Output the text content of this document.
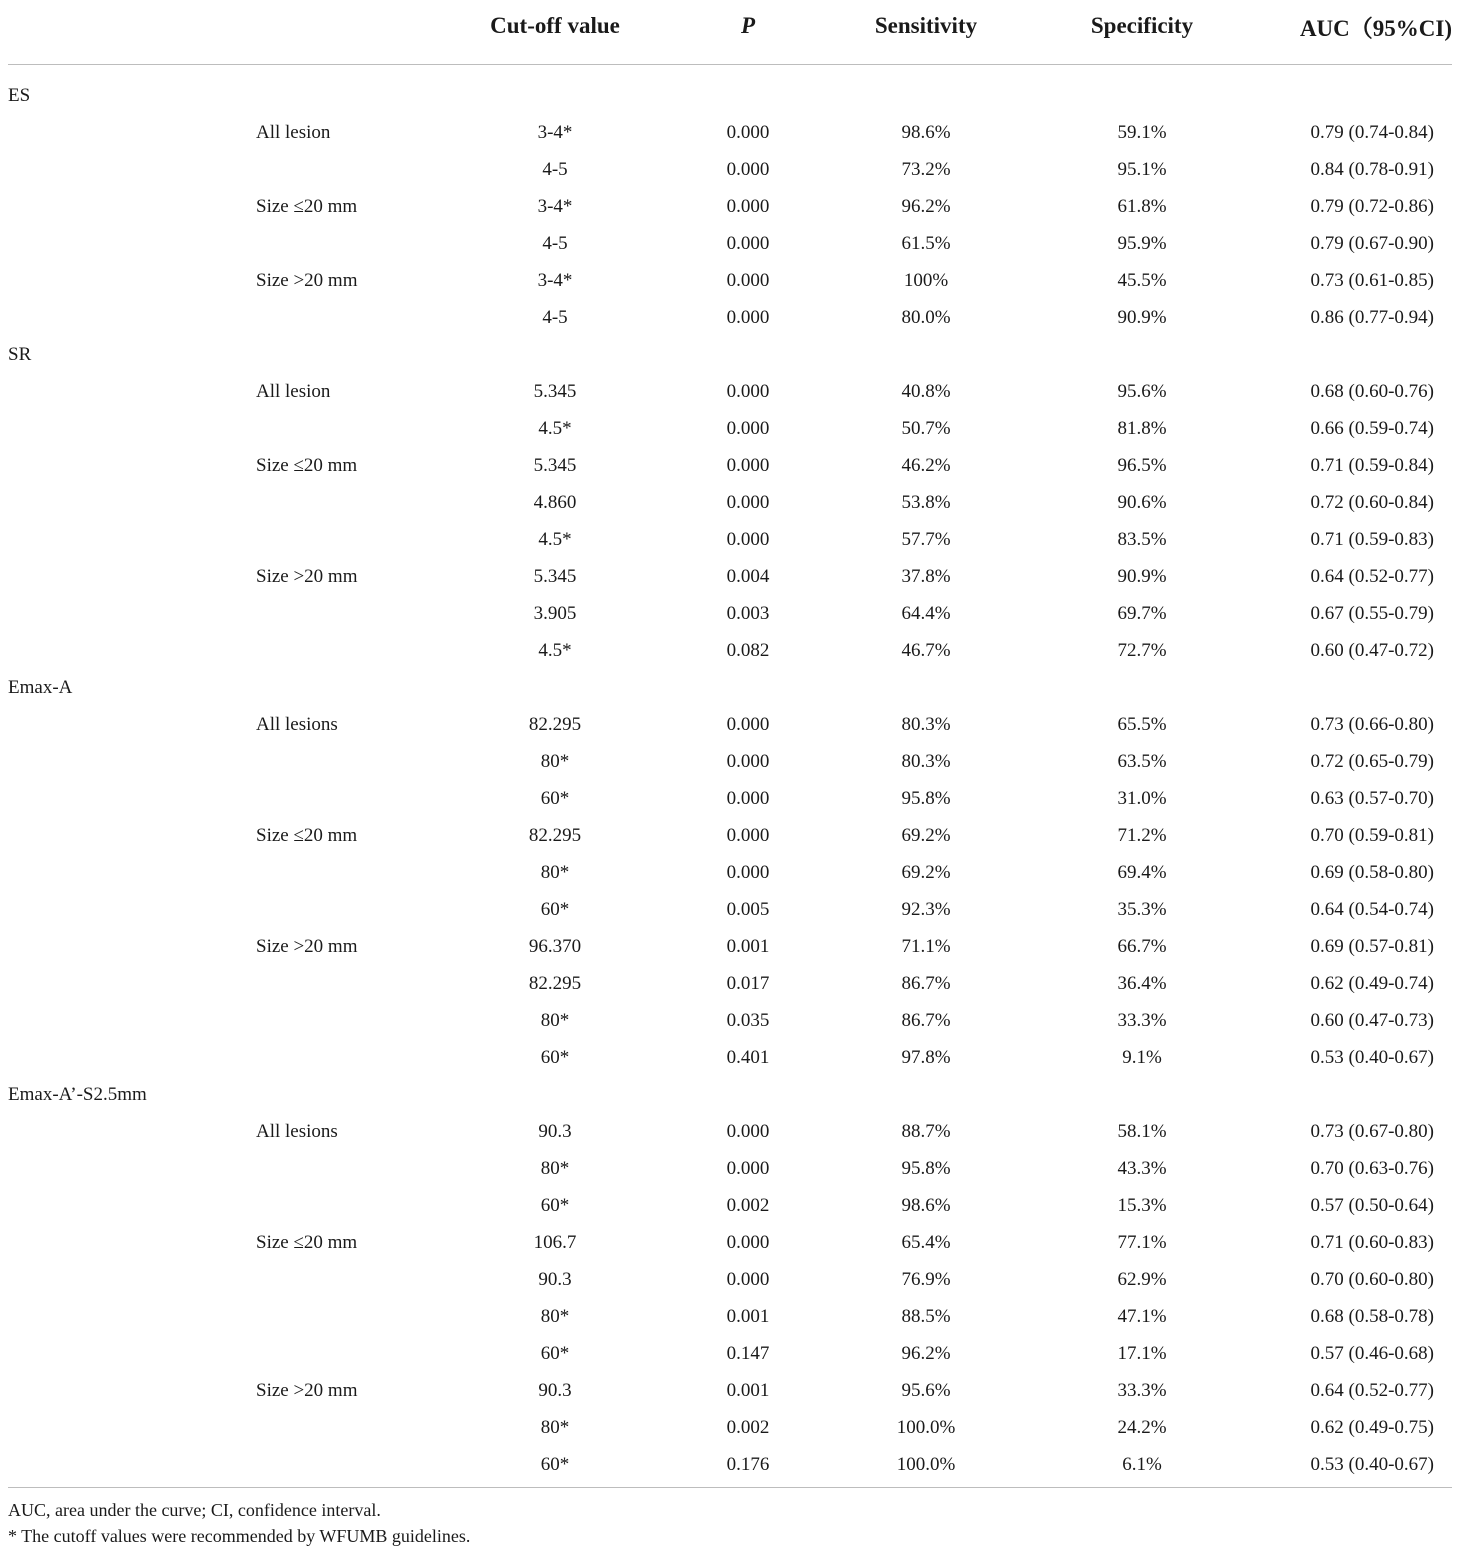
		Cut-off value	P	Sensitivity	Specificity	AUC（95%CI)

ES						
	All lesion	3-4*	0.000	98.6%	59.1%	0.79 (0.74-0.84)
		4-5	0.000	73.2%	95.1%	0.84 (0.78-0.91)
	Size ≤20 mm	3-4*	0.000	96.2%	61.8%	0.79 (0.72-0.86)
		4-5	0.000	61.5%	95.9%	0.79 (0.67-0.90)
	Size >20 mm	3-4*	0.000	100%	45.5%	0.73 (0.61-0.85)
		4-5	0.000	80.0%	90.9%	0.86 (0.77-0.94)
SR						
	All lesion	5.345	0.000	40.8%	95.6%	0.68 (0.60-0.76)
		4.5*	0.000	50.7%	81.8%	0.66 (0.59-0.74)
	Size ≤20 mm	5.345	0.000	46.2%	96.5%	0.71 (0.59-0.84)
		4.860	0.000	53.8%	90.6%	0.72 (0.60-0.84)
		4.5*	0.000	57.7%	83.5%	0.71 (0.59-0.83)
	Size >20 mm	5.345	0.004	37.8%	90.9%	0.64 (0.52-0.77)
		3.905	0.003	64.4%	69.7%	0.67 (0.55-0.79)
		4.5*	0.082	46.7%	72.7%	0.60 (0.47-0.72)
Emax-A						
	All lesions	82.295	0.000	80.3%	65.5%	0.73 (0.66-0.80)
		80*	0.000	80.3%	63.5%	0.72 (0.65-0.79)
		60*	0.000	95.8%	31.0%	0.63 (0.57-0.70)
	Size ≤20 mm	82.295	0.000	69.2%	71.2%	0.70 (0.59-0.81)
		80*	0.000	69.2%	69.4%	0.69 (0.58-0.80)
		60*	0.005	92.3%	35.3%	0.64 (0.54-0.74)
	Size >20 mm	96.370	0.001	71.1%	66.7%	0.69 (0.57-0.81)
		82.295	0.017	86.7%	36.4%	0.62 (0.49-0.74)
		80*	0.035	86.7%	33.3%	0.60 (0.47-0.73)
		60*	0.401	97.8%	9.1%	0.53 (0.40-0.67)
Emax-A’-S2.5mm						
	All lesions	90.3	0.000	88.7%	58.1%	0.73 (0.67-0.80)
		80*	0.000	95.8%	43.3%	0.70 (0.63-0.76)
		60*	0.002	98.6%	15.3%	0.57 (0.50-0.64)
	Size ≤20 mm	106.7	0.000	65.4%	77.1%	0.71 (0.60-0.83)
		90.3	0.000	76.9%	62.9%	0.70 (0.60-0.80)
		80*	0.001	88.5%	47.1%	0.68 (0.58-0.78)
		60*	0.147	96.2%	17.1%	0.57 (0.46-0.68)
	Size >20 mm	90.3	0.001	95.6%	33.3%	0.64 (0.52-0.77)
		80*	0.002	100.0%	24.2%	0.62 (0.49-0.75)
		60*	0.176	100.0%	6.1%	0.53 (0.40-0.67)

AUC, area under the curve; CI, confidence interval.

* The cutoff values were recommended by WFUMB guidelines.
